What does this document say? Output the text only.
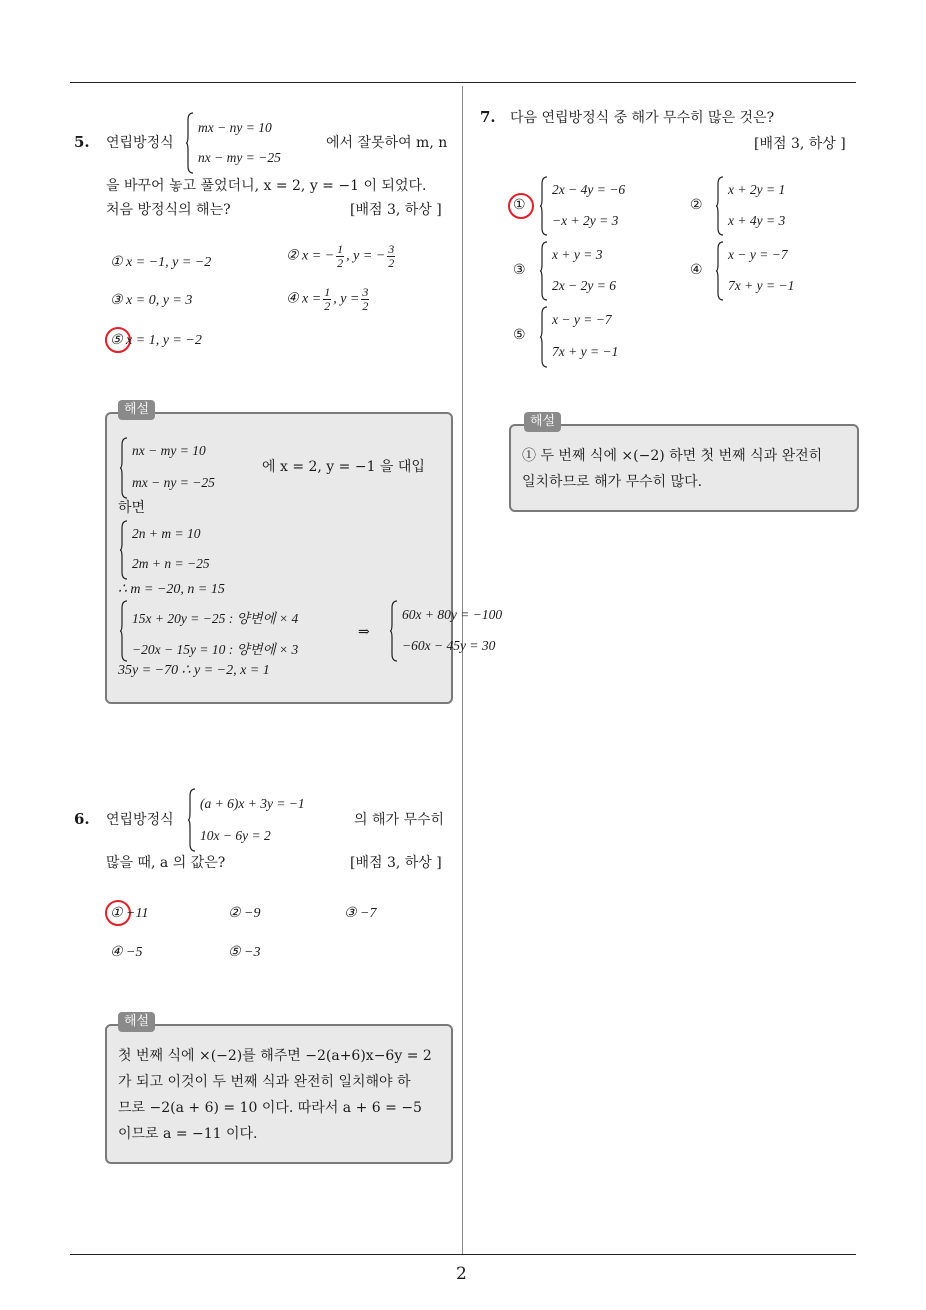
2
5. 연립방정식
mx − ny = 10
nx − my = −25
에서 잘못하여 m, n
을 바꾸어 놓고 풀었더니, x = 2, y = −1 이 되었다.
처음 방정식의 해는?	[배점 3, 하상 ]
① x = −1, y = −2	② x = − $\frac{1}{2}$ , y = − $\frac{3}{2}$
③ x = 0, y = 3	④ $x = \frac{1}{2}$ , $y = \frac{3}{2}$
⑤ x = 1, y = −2
해설
nx − my = 10
mx − ny = −25
에 x = 2, y = −1 을 대입
하면
2n + m = 10
2m + n = −25
∴ m = −20, n = 15
15x + 20y = −25 : 양변에 × 4
−20x − 15y = 10 : 양변에 × 3
⇒
60x + 80y = −100
−60x − 45y = 30
35y = −70 ∴ y = −2, x = 1
6. 연립방정식
(a + 6)x + 3y = −1
10x − 6y = 2
의 해가 무수히
많을 때, a 의 값은?	[배점 3, 하상 ]
① −11	② −9	③ −7
④ −5	⑤ −3
해설
첫 번째 식에 ×(−2)를 해주면 −2(a+6)x−6y = 2
가 되고 이것이 두 번째 식과 완전히 일치해야 하
므로 −2(a + 6) = 10 이다. 따라서 a + 6 = −5
이므로 a = −11 이다.
7. 다음 연립방정식 중 해가 무수히 많은 것은?
[배점 3, 하상 ]
①
2x − 4y = −6
−x + 2y = 3
②
x + 2y = 1
x + 4y = 3
③
x + y = 3
2x − 2y = 6
④
x − y = −7
7x + y = −1
⑤
x − y = −7
7x + y = −1
해설
① 두 번째 식에 ×(−2) 하면 첫 번째 식과 완전히
일치하므로 해가 무수히 많다.
